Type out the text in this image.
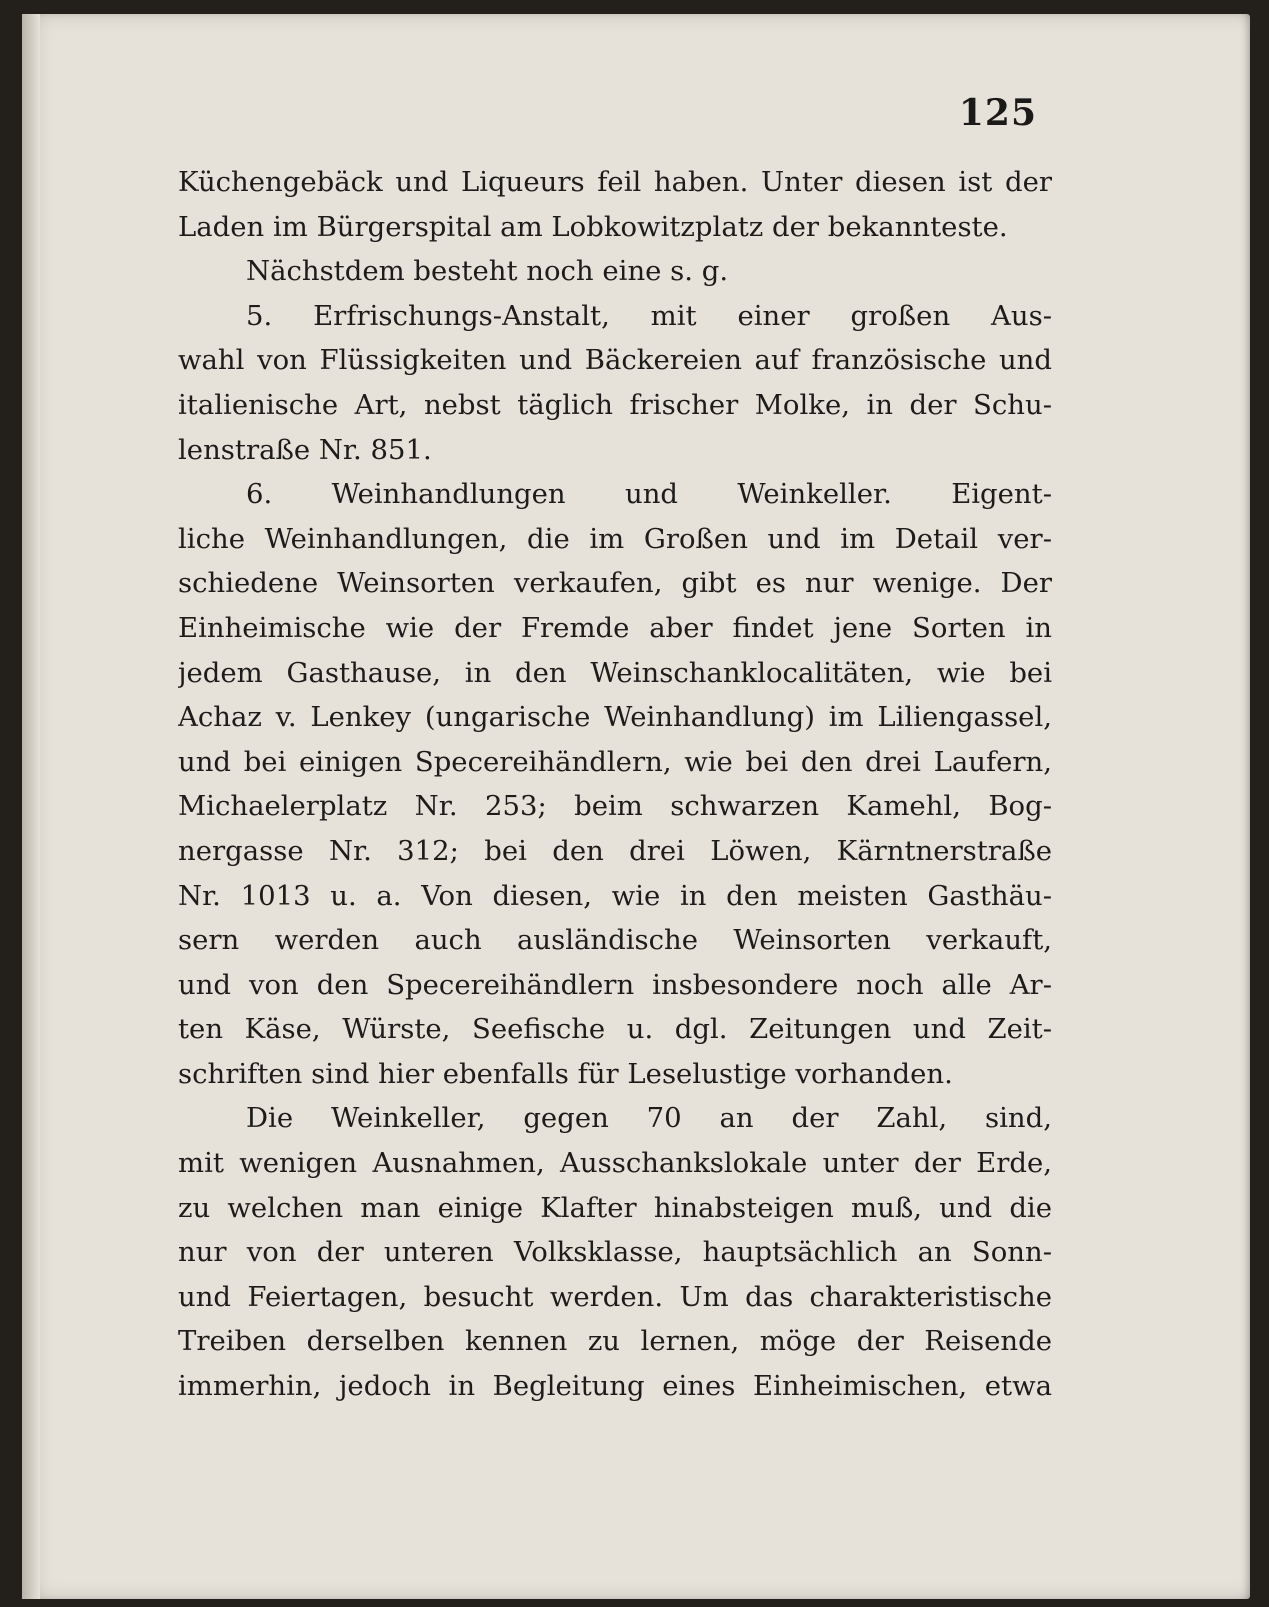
125
Küchengebäck und Liqueurs feil haben. Unter diesen ist der
Laden im Bürgerspital am Lobkowitzplatz der bekannteste.
Nächstdem besteht noch eine s. g.
5. Erfrischungs-Anstalt, mit einer großen Aus-
wahl von Flüssigkeiten und Bäckereien auf französische und
italienische Art, nebst täglich frischer Molke, in der Schu-
lenstraße Nr. 851.
6. Weinhandlungen und Weinkeller. Eigent-
liche Weinhandlungen, die im Großen und im Detail ver-
schiedene Weinsorten verkaufen, gibt es nur wenige. Der
Einheimische wie der Fremde aber findet jene Sorten in
jedem Gasthause, in den Weinschanklocalitäten, wie bei
Achaz v. Lenkey (ungarische Weinhandlung) im Liliengassel,
und bei einigen Specereihändlern, wie bei den drei Laufern,
Michaelerplatz Nr. 253; beim schwarzen Kamehl, Bog-
nergasse Nr. 312; bei den drei Löwen, Kärntnerstraße
Nr. 1013 u. a. Von diesen, wie in den meisten Gasthäu-
sern werden auch ausländische Weinsorten verkauft,
und von den Specereihändlern insbesondere noch alle Ar-
ten Käse, Würste, Seefische u. dgl. Zeitungen und Zeit-
schriften sind hier ebenfalls für Leselustige vorhanden.
Die Weinkeller, gegen 70 an der Zahl, sind,
mit wenigen Ausnahmen, Ausschankslokale unter der Erde,
zu welchen man einige Klafter hinabsteigen muß, und die
nur von der unteren Volksklasse, hauptsächlich an Sonn-
und Feiertagen, besucht werden. Um das charakteristische
Treiben derselben kennen zu lernen, möge der Reisende
immerhin, jedoch in Begleitung eines Einheimischen, etwa
